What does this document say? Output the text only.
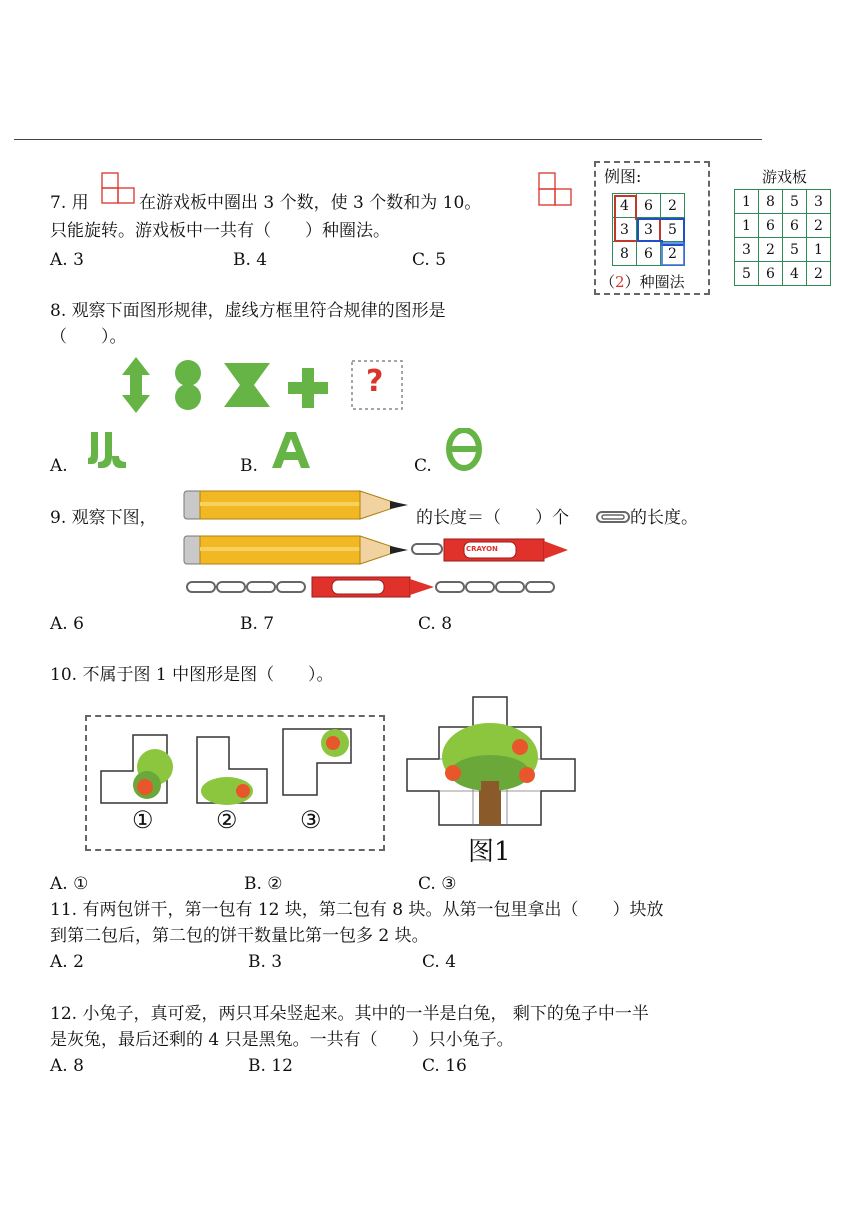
7. 用	在游戏板中圈出 3 个数，使 3 个数和为 10。
只能旋转。游戏板中一共有（　　）种圈法。
A. 3	B. 4	C. 5
例图:
4	6	2
3	3	5
8	6	2
（2）种圈法
游戏板
1	8	5	3
1	6	6	2
3	2	5	1
5	6	4	2
8. 观察下面图形规律，虚线方框里符合规律的图形是
（　　）。
?
A.	B.	C.
9. 观察下图，	的长度＝（　　）个	的长度。
CRAYON
A. 6	B. 7	C. 8
10. 不属于图 1 中图形是图（　　）。
①	②	③
图1
A. ①	B. ②	C. ③
11. 有两包饼干，第一包有 12 块，第二包有 8 块。从第一包里拿出（　　）块放
到第二包后，第二包的饼干数量比第一包多 2 块。
A. 2	B. 3	C. 4
12. 小兔子，真可爱，两只耳朵竖起来。其中的一半是白兔， 剩下的兔子中一半
是灰兔，最后还剩的 4 只是黑兔。一共有（　　）只小兔子。
A. 8	B. 12	C. 16
